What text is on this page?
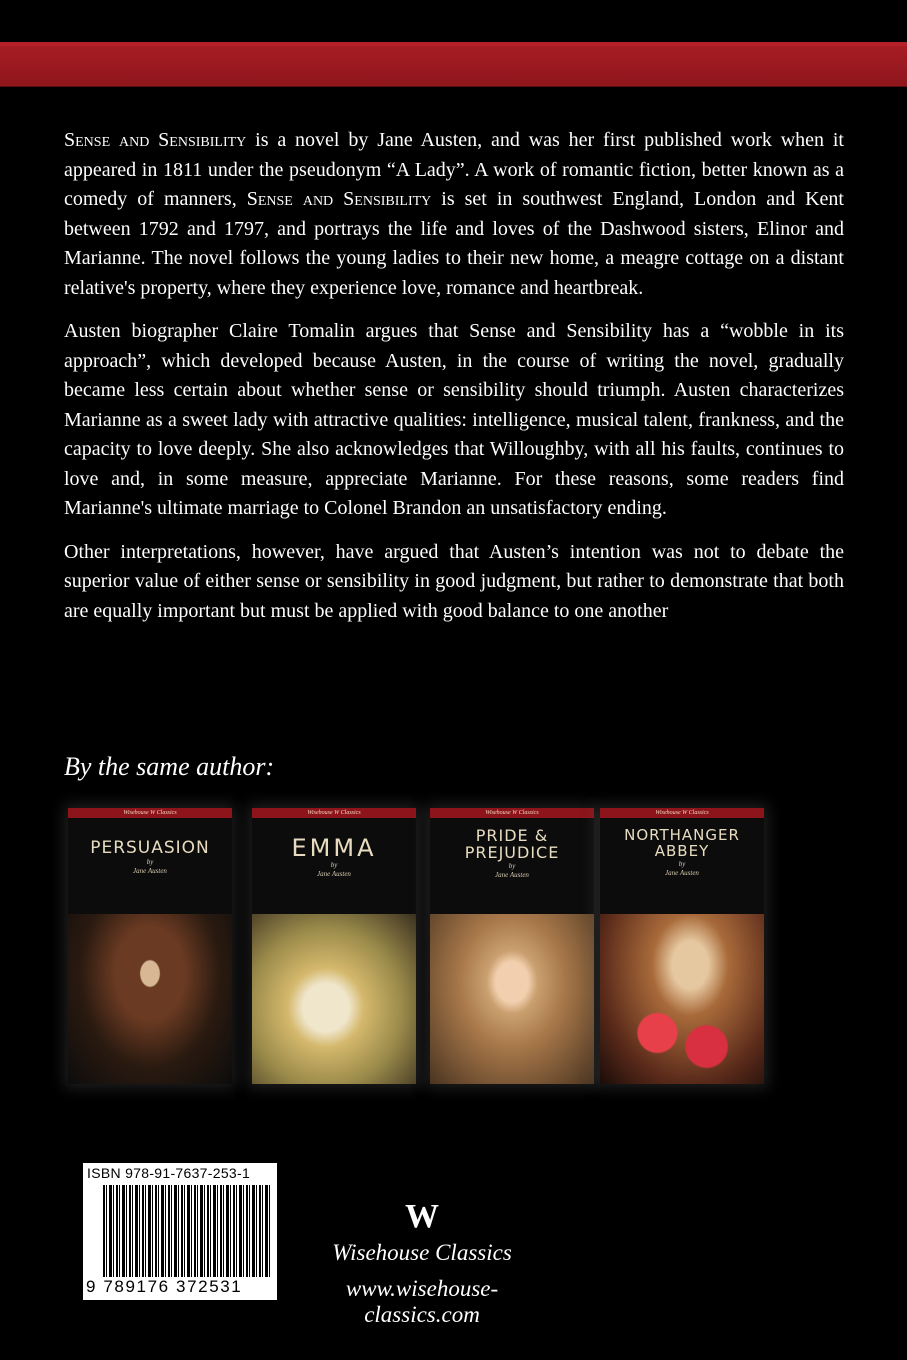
Sense and Sensibility is a novel by Jane Austen, and was her first published work when it appeared in 1811 under the pseudonym “A Lady”. A work of romantic fiction, better known as a comedy of manners, Sense and Sensibility is set in southwest England, London and Kent between 1792 and 1797, and portrays the life and loves of the Dashwood sisters, Elinor and Marianne. The novel follows the young ladies to their new home, a meagre cottage on a distant relative's property, where they experience love, romance and heartbreak.

Austen biographer Claire Tomalin argues that Sense and Sensibility has a “wobble in its approach”, which developed because Austen, in the course of writing the novel, gradually became less certain about whether sense or sensibility should triumph. Austen characterizes Marianne as a sweet lady with attractive qualities: intelligence, musical talent, frankness, and the capacity to love deeply. She also acknowledges that Willoughby, with all his faults, continues to love and, in some measure, appreciate Marianne. For these reasons, some readers find Marianne's ultimate marriage to Colonel Brandon an unsatisfactory ending.

Other interpretations, however, have argued that Austen’s intention was not to debate the superior value of either sense or sensibility in good judgment, but rather to demonstrate that both are equally important but must be applied with good balance to one another

By the same author:
Wisehouse W Classics
PERSUASION
by
Jane Austen
Wisehouse W Classics
EMMA
by
Jane Austen
Wisehouse W Classics
PRIDE &
PREJUDICE
by
Jane Austen
Wisehouse W Classics
NORTHANGER
ABBEY
by
Jane Austen
ISBN 978-91-7637-253-1
9 789176 372531
W
Wisehouse Classics
www.wisehouse-classics.com
